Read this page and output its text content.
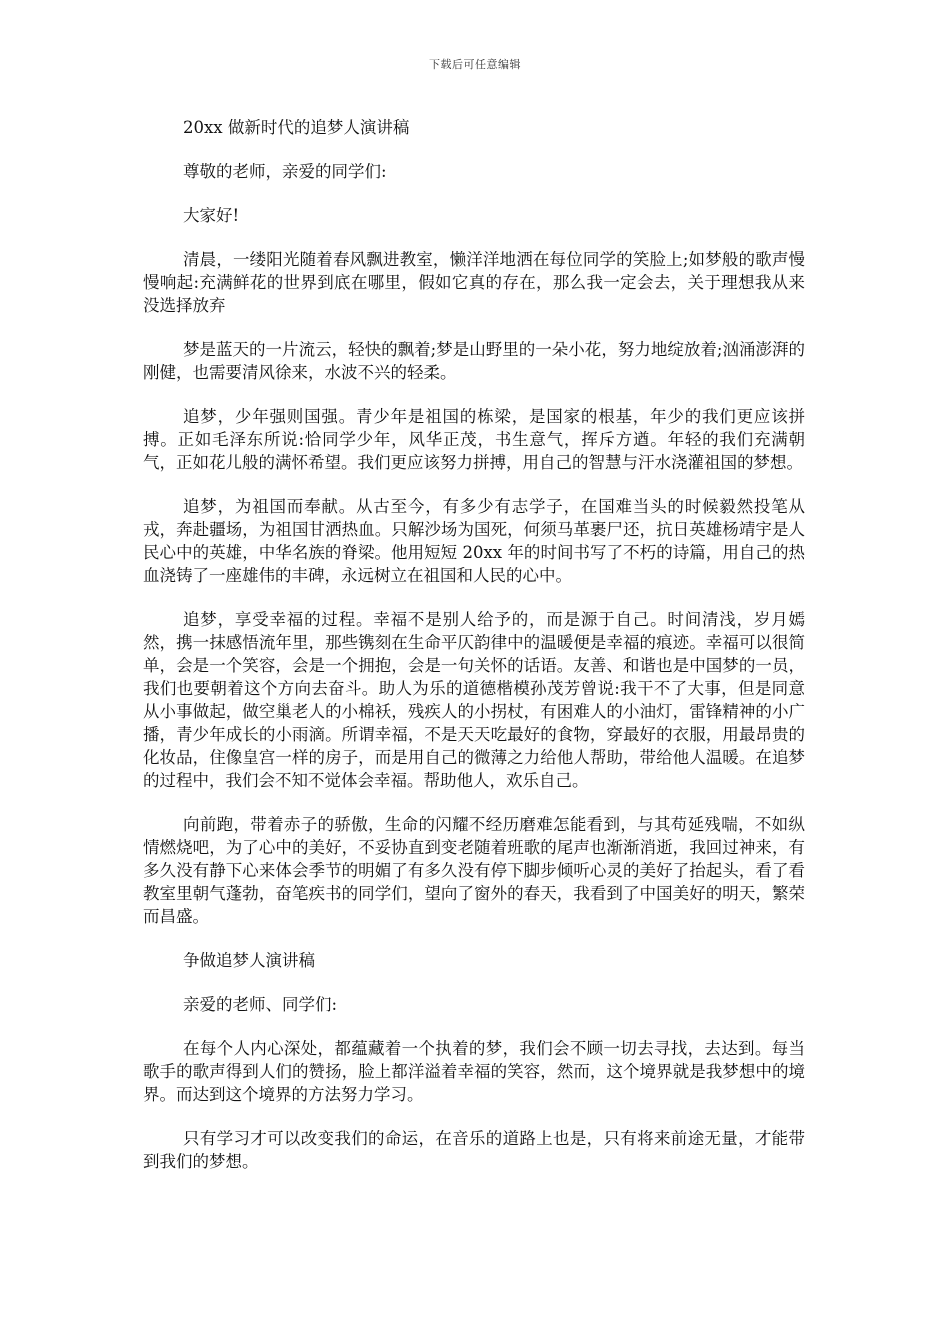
下载后可任意编辑

20xx 做新时代的追梦人演讲稿

尊敬的老师，亲爱的同学们:

大家好!

清晨，一缕阳光随着春风飘进教室，懒洋洋地洒在每位同学的笑脸上;如梦般的歌声慢慢响起:充满鲜花的世界到底在哪里，假如它真的存在，那么我一定会去，关于理想我从来没选择放弃

梦是蓝天的一片流云，轻快的飘着;梦是山野里的一朵小花，努力地绽放着;汹涌澎湃的刚健，也需要清风徐来，水波不兴的轻柔。

追梦，少年强则国强。青少年是祖国的栋梁，是国家的根基，年少的我们更应该拼搏。正如毛泽东所说:恰同学少年，风华正茂，书生意气，挥斥方遒。年轻的我们充满朝气，正如花儿般的满怀希望。我们更应该努力拼搏，用自己的智慧与汗水浇灌祖国的梦想。

追梦，为祖国而奉献。从古至今，有多少有志学子，在国难当头的时候毅然投笔从戎，奔赴疆场，为祖国甘洒热血。只解沙场为国死，何须马革裹尸还，抗日英雄杨靖宇是人民心中的英雄，中华名族的脊梁。他用短短 20xx 年的时间书写了不朽的诗篇，用自己的热血浇铸了一座雄伟的丰碑，永远树立在祖国和人民的心中。

追梦，享受幸福的过程。幸福不是别人给予的，而是源于自己。时间清浅，岁月嫣然，携一抹感悟流年里，那些镌刻在生命平仄韵律中的温暖便是幸福的痕迹。幸福可以很简单，会是一个笑容，会是一个拥抱，会是一句关怀的话语。友善、和谐也是中国梦的一员，我们也要朝着这个方向去奋斗。助人为乐的道德楷模孙茂芳曾说:我干不了大事，但是同意从小事做起，做空巢老人的小棉袄，残疾人的小拐杖，有困难人的小油灯，雷锋精神的小广播，青少年成长的小雨滴。所谓幸福，不是天天吃最好的食物，穿最好的衣服，用最昂贵的化妆品，住像皇宫一样的房子，而是用自己的微薄之力给他人帮助，带给他人温暖。在追梦的过程中，我们会不知不觉体会幸福。帮助他人，欢乐自己。

向前跑，带着赤子的骄傲，生命的闪耀不经历磨难怎能看到，与其苟延残喘，不如纵情燃烧吧，为了心中的美好，不妥协直到变老随着班歌的尾声也渐渐消逝，我回过神来，有多久没有静下心来体会季节的明媚了有多久没有停下脚步倾听心灵的美好了抬起头，看了看教室里朝气蓬勃，奋笔疾书的同学们，望向了窗外的春天，我看到了中国美好的明天，繁荣而昌盛。

争做追梦人演讲稿

亲爱的老师、同学们:

在每个人内心深处，都蕴藏着一个执着的梦，我们会不顾一切去寻找，去达到。每当歌手的歌声得到人们的赞扬，脸上都洋溢着幸福的笑容，然而，这个境界就是我梦想中的境界。而达到这个境界的方法努力学习。

只有学习才可以改变我们的命运，在音乐的道路上也是，只有将来前途无量，才能带到我们的梦想。
